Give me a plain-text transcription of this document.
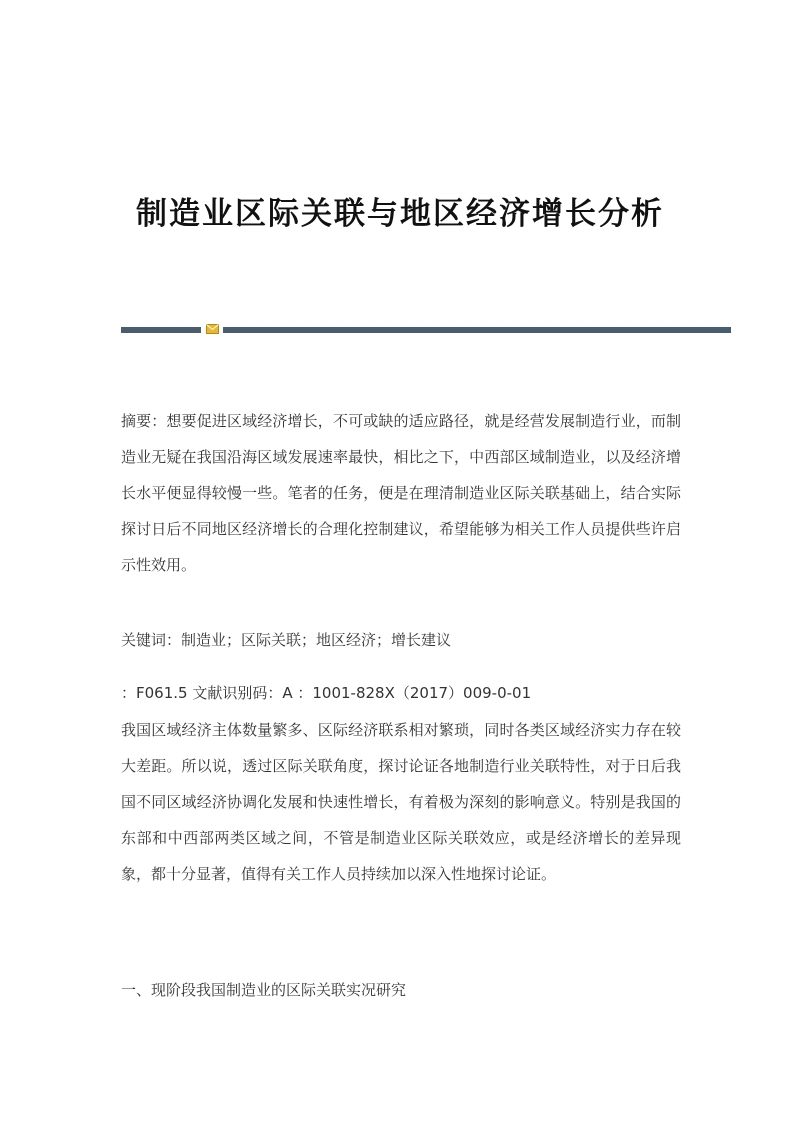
制造业区际关联与地区经济增长分析

摘要：想要促进区域经济增长，不可或缺的适应路径，就是经营发展制造行业，而制造业无疑在我国沿海区域发展速率最快，相比之下，中西部区域制造业，以及经济增长水平便显得较慢一些。笔者的任务，便是在理清制造业区际关联基础上，结合实际探讨日后不同地区经济增长的合理化控制建议，希望能够为相关工作人员提供些许启示性效用。

关键词：制造业；区际关联；地区经济；增长建议

：F061.5 文献识别码：A ：1001-828X（2017）009-0-01

我国区域经济主体数量繁多、区际经济联系相对繁琐，同时各类区域经济实力存在较大差距。所以说，透过区际关联角度，探讨论证各地制造行业关联特性，对于日后我国不同区域经济协调化发展和快速性增长，有着极为深刻的影响意义。特别是我国的东部和中西部两类区域之间，不管是制造业区际关联效应，或是经济增长的差异现象，都十分显著，值得有关工作人员持续加以深入性地探讨论证。

一、现阶段我国制造业的区际关联实况研究
